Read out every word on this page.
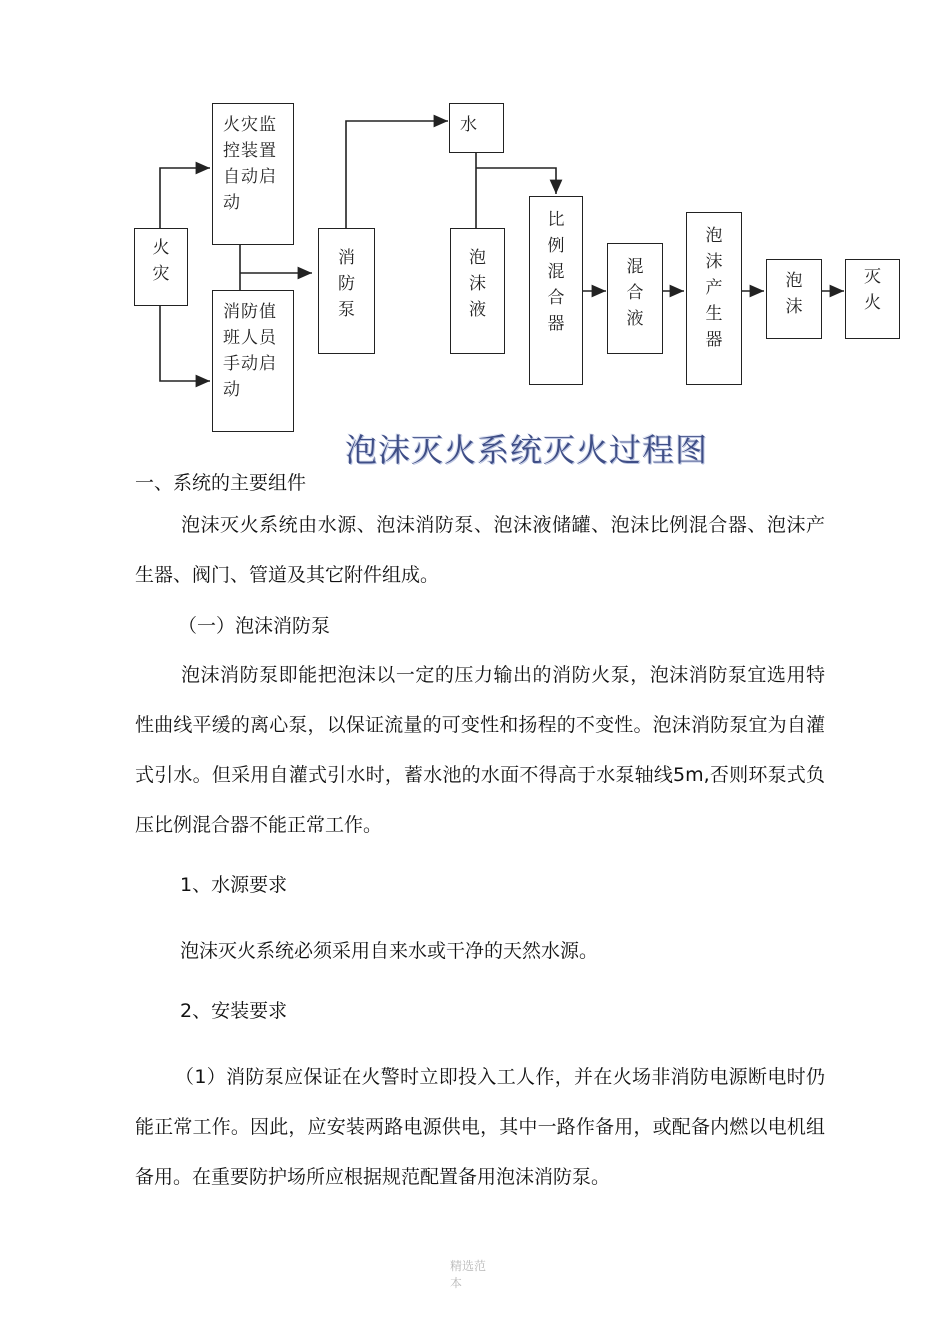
火灾
火灾监控装置自动启动
消防值班人员手动启动
消防泵
水
泡沫液
比例混合器
混合液
泡沫产生器
泡沫
灭火
泡沫灭火系统灭火过程图
一、系统的主要组件
泡沫灭火系统由水源、泡沫消防泵、泡沫液储罐、泡沫比例混合器、泡沫产生器、阀门、管道及其它附件组成。
（一）泡沫消防泵
泡沫消防泵即能把泡沫以一定的压力输出的消防火泵，泡沫消防泵宜选用特性曲线平缓的离心泵，以保证流量的可变性和扬程的不变性。泡沫消防泵宜为自灌式引水。但采用自灌式引水时，蓄水池的水面不得高于水泵轴线5m,否则环泵式负压比例混合器不能正常工作。
1、水源要求
泡沫灭火系统必须采用自来水或干净的天然水源。
2、安装要求
（1）消防泵应保证在火警时立即投入工人作，并在火场非消防电源断电时仍能正常工作。因此，应安装两路电源供电，其中一路作备用，或配备内燃以电机组备用。在重要防护场所应根据规范配置备用泡沫消防泵。
精选范本
